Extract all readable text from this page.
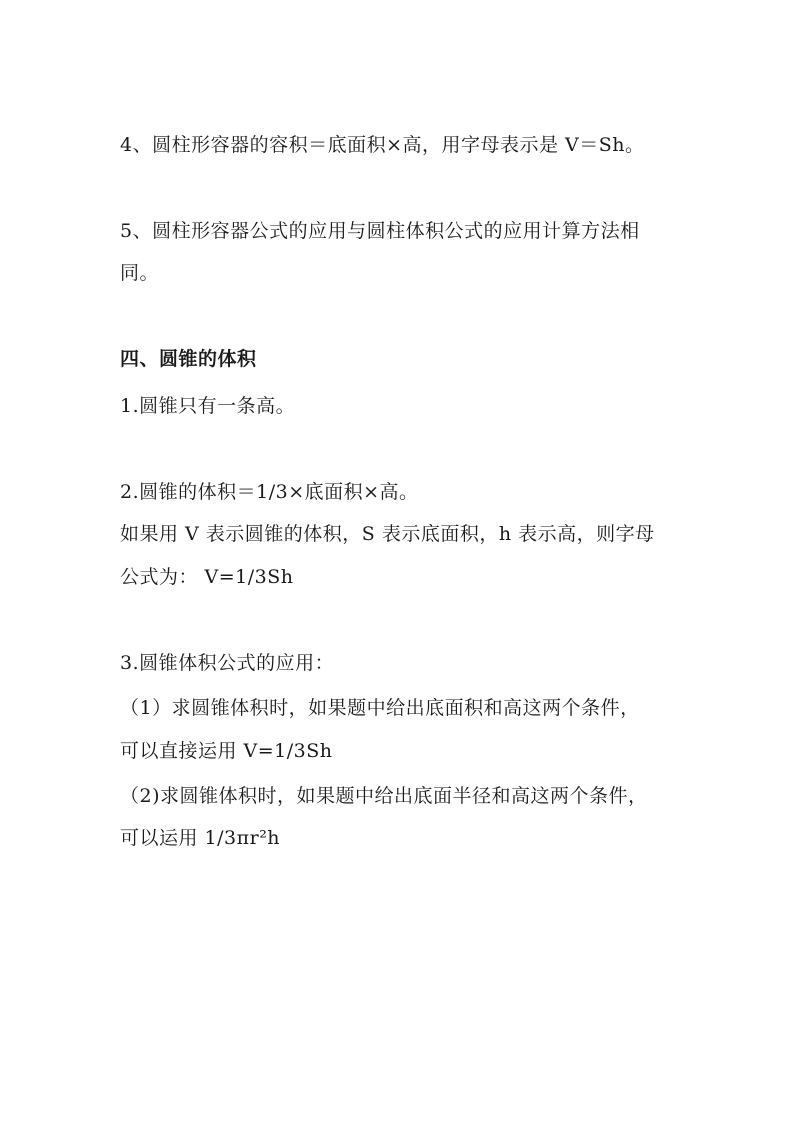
4、圆柱形容器的容积＝底面积×高，用字母表示是 V＝Sh。
5、圆柱形容器公式的应用与圆柱体积公式的应用计算方法相
同。
四、圆锥的体积
1.圆锥只有一条高。
2.圆锥的体积＝1/3×底面积×高。
如果用 V 表示圆锥的体积，S 表示底面积，h 表示高，则字母
公式为： V=1/3Sh
3.圆锥体积公式的应用：
（1）求圆锥体积时，如果题中给出底面积和高这两个条件，
可以直接运用 V=1/3Sh
（2)求圆锥体积时，如果题中给出底面半径和高这两个条件，
可以运用 1/3πr²h
